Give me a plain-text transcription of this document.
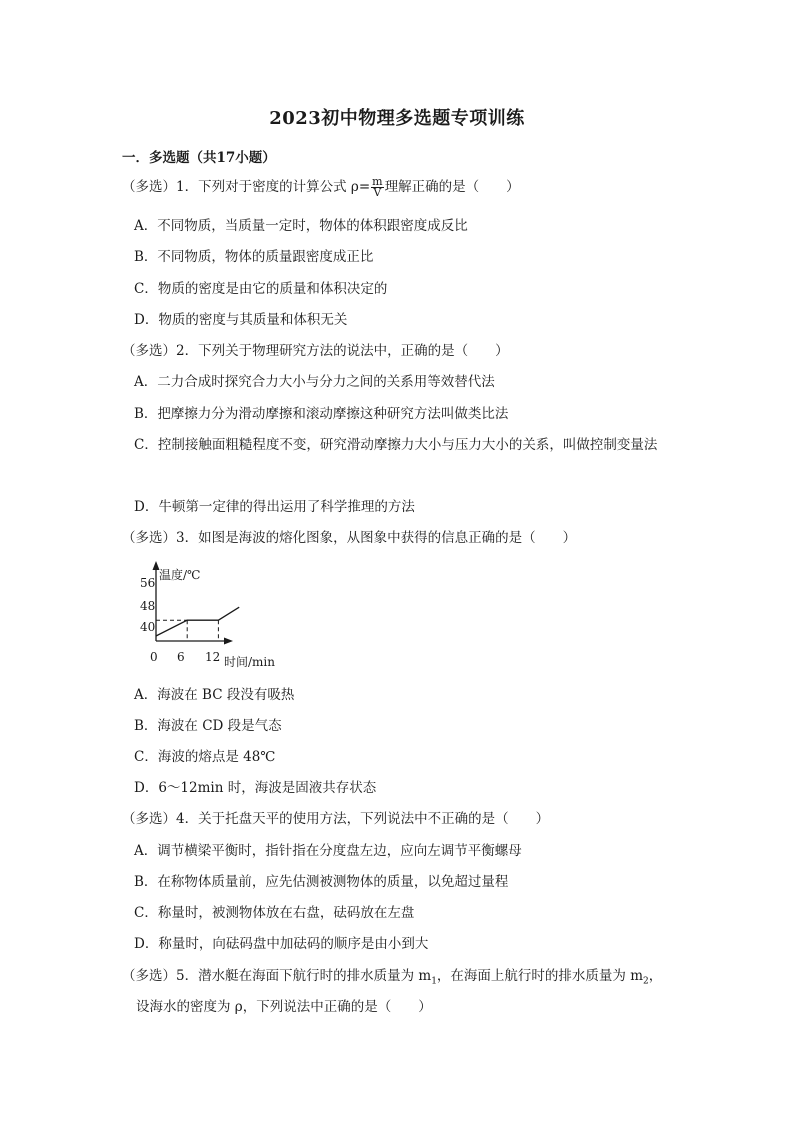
2023初中物理多选题专项训练
一．多选题（共17小题）
（多选）1．下列对于密度的计算公式 $\rho= \frac{m}{V}$ 理解正确的是（　　）
A．不同物质，当质量一定时，物体的体积跟密度成反比
B．不同物质，物体的质量跟密度成正比
C．物质的密度是由它的质量和体积决定的
D．物质的密度与其质量和体积无关
（多选）2．下列关于物理研究方法的说法中，正确的是（　　）
A．二力合成时探究合力大小与分力之间的关系用等效替代法
B．把摩擦力分为滑动摩擦和滚动摩擦这种研究方法叫做类比法
C．控制接触面粗糙程度不变，研究滑动摩擦力大小与压力大小的关系，叫做控制变量法
D．牛顿第一定律的得出运用了科学推理的方法
（多选）3．如图是海波的熔化图象，从图象中获得的信息正确的是（　　）
40
48
56
0 6 12
温度/℃
时间/min
A．海波在 BC 段没有吸热
B．海波在 CD 段是气态
C．海波的熔点是 48℃
D．6～12min 时，海波是固液共存状态
（多选）4．关于托盘天平的使用方法，下列说法中不正确的是（　　）
A．调节横梁平衡时，指针指在分度盘左边，应向左调节平衡螺母
B．在称物体质量前，应先估测被测物体的质量，以免超过量程
C．称量时，被测物体放在右盘，砝码放在左盘
D．称量时，向砝码盘中加砝码的顺序是由小到大
（多选）5．潜水艇在海面下航行时的排水质量为 $m_1$，在海面上航行时的排水质量为 $m_2$，
设海水的密度为 ρ，下列说法中正确的是（　　）
